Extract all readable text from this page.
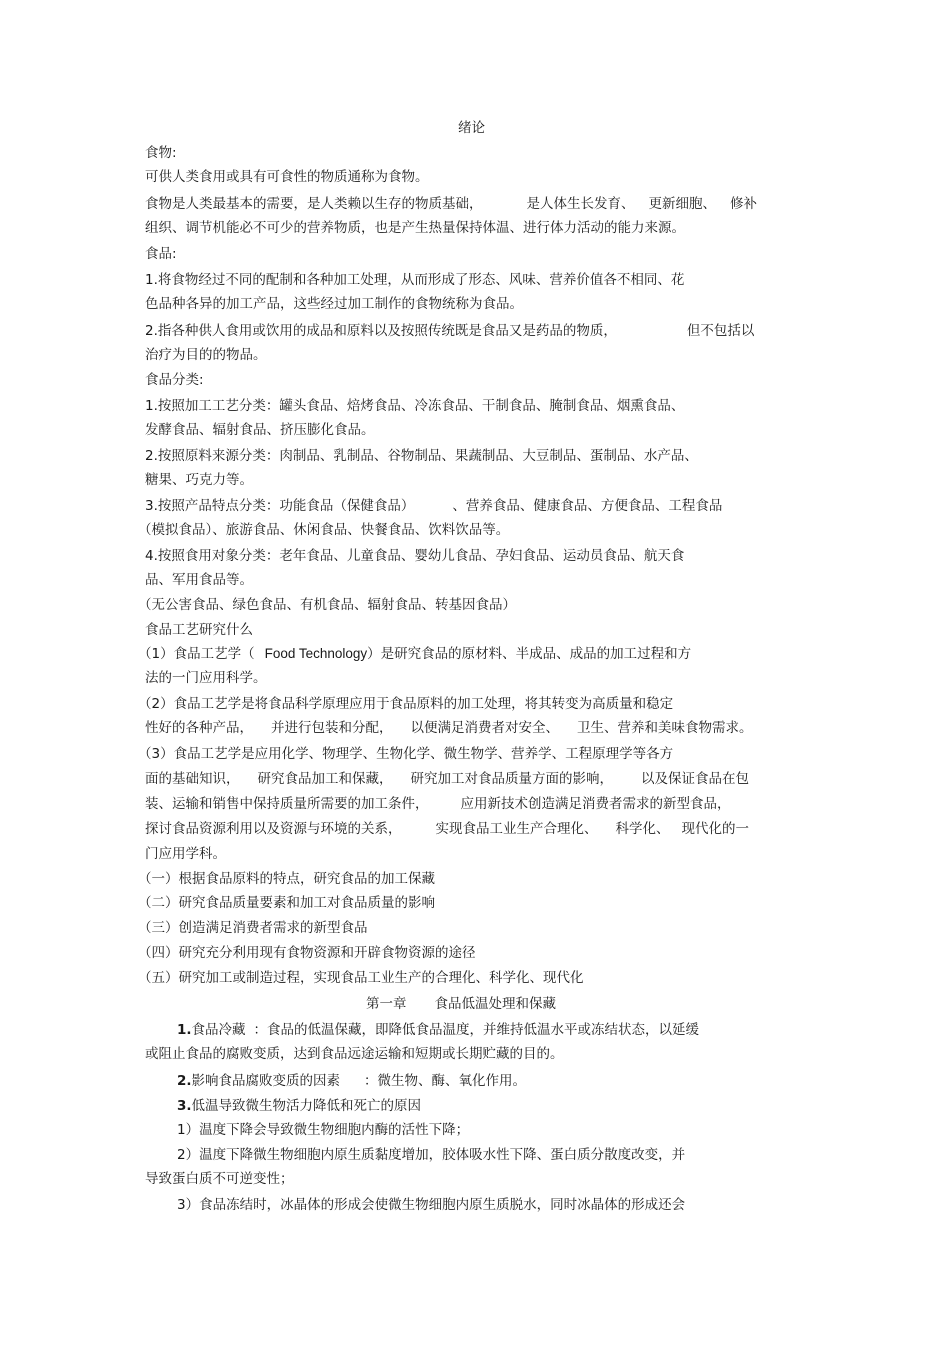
绪论
食物:
可供人类食用或具有可食性的物质通称为食物。
食物是人类最基本的需要，是人类赖以生存的物质基础，	是人体生长发育、 更新细胞、 修补
组织、调节机能必不可少的营养物质，也是产生热量保持体温、进行体力活动的能力来源。
食品:
1.将食物经过不同的配制和各种加工处理，从而形成了形态、风味、营养价值各不相同、花
色品种各异的加工产品，这些经过加工制作的食物统称为食品。
2.指各种供人食用或饮用的成品和原料以及按照传统既是食品又是药品的物质，	但不包括以
治疗为目的的物品。
食品分类:
1.按照加工工艺分类：罐头食品、焙烤食品、冷冻食品、干制食品、腌制食品、烟熏食品、
发酵食品、辐射食品、挤压膨化食品。
2.按照原料来源分类：肉制品、乳制品、谷物制品、果蔬制品、大豆制品、蛋制品、水产品、
糖果、巧克力等。
3.按照产品特点分类：功能食品（保健食品）	、营养食品、健康食品、方便食品、工程食品
（模拟食品）、旅游食品、休闲食品、快餐食品、饮料饮品等。
4.按照食用对象分类：老年食品、儿童食品、婴幼儿食品、孕妇食品、运动员食品、航天食
品、军用食品等。
（无公害食品、绿色食品、有机食品、辐射食品、转基因食品）
食品工艺研究什么
（1）食品工艺学（ Food Technology）是研究食品的原材料、半成品、成品的加工过程和方
法的一门应用科学。
（2）食品工艺学是将食品科学原理应用于食品原料的加工处理，将其转变为高质量和稳定
性好的各种产品， 并进行包装和分配， 以便满足消费者对安全、 卫生、营养和美味食物需求。
（3）食品工艺学是应用化学、物理学、生物化学、微生物学、营养学、工程原理学等各方
面的基础知识， 研究食品加工和保藏， 研究加工对食品质量方面的影响， 以及保证食品在包
装、运输和销售中保持质量所需要的加工条件， 应用新技术创造满足消费者需求的新型食品，
探讨食品资源利用以及资源与环境的关系，	实现食品工业生产合理化、 科学化、 现代化的一
门应用学科。
（一）根据食品原料的特点，研究食品的加工保藏
（二）研究食品质量要素和加工对食品质量的影响
（三）创造满足消费者需求的新型食品
（四）研究充分利用现有食物资源和开辟食物资源的途径
（五）研究加工或制造过程，实现食品工业生产的合理化、科学化、现代化
第一章 食品低温处理和保藏
1.食品冷藏 ：食品的低温保藏，即降低食品温度，并维持低温水平或冻结状态，以延缓
或阻止食品的腐败变质，达到食品远途运输和短期或长期贮藏的目的。
2.影响食品腐败变质的因素 ：微生物、酶、氧化作用。
3.低温导致微生物活力降低和死亡的原因
1）温度下降会导致微生物细胞内酶的活性下降；
2）温度下降微生物细胞内原生质黏度增加，胶体吸水性下降、蛋白质分散度改变，并
导致蛋白质不可逆变性；
3）食品冻结时，冰晶体的形成会使微生物细胞内原生质脱水，同时冰晶体的形成还会
